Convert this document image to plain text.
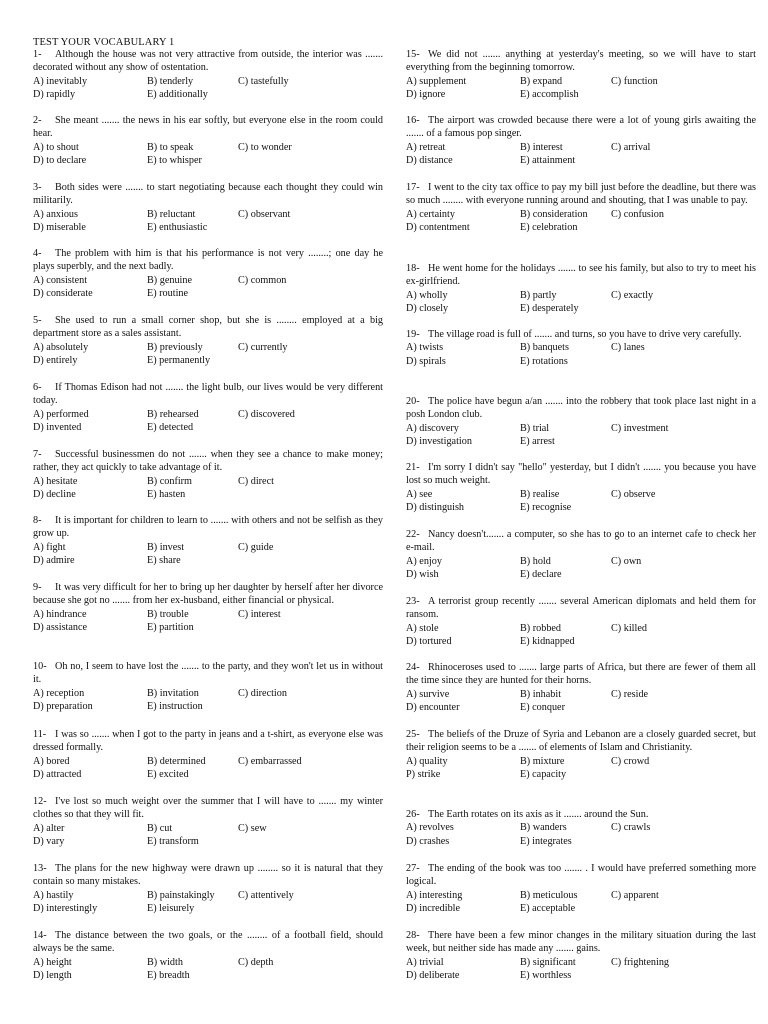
TEST YOUR VOCABULARY 1
1- Although the house was not very attractive from outside, the interior was ....... decorated without any show of ostentation.
A) inevitably	B) tenderly	C) tastefully
D) rapidly	E) additionally
2- She meant ....... the news in his ear softly, but everyone else in the room could hear.
A) to shout	B) to speak	C) to wonder
D) to declare	E) to whisper
3- Both sides were ....... to start negotiating because each thought they could win militarily.
A) anxious	B) reluctant	C) observant
D) miserable	E) enthusiastic
4- The problem with him is that his performance is not very ........; one day he plays superbly, and the next badly.
A) consistent	B) genuine	C) common
D) considerate	E) routine
5- She used to run a small corner shop, but she is ........ employed at a big department store as a sales assistant.
A) absolutely	B) previously	C) currently
D) entirely	E) permanently
6- If Thomas Edison had not ....... the light bulb, our lives would be very different today.
A) performed	B) rehearsed	C) discovered
D) invented	E) detected
7- Successful businessmen do not ....... when they see a chance to make money; rather, they act quickly to take advantage of it.
A) hesitate	B) confirm	C) direct
D) decline	E) hasten
8- It is important for children to learn to ....... with others and not be selfish as they grow up.
A) fight	B) invest	C) guide
D) admire	E) share
9- It was very difficult for her to bring up her daughter by herself after her divorce because she got no ....... from her ex-husband, either financial or physical.
A) hindrance	B) trouble	C) interest
D) assistance	E) partition
10- Oh no, I seem to have lost the ....... to the party, and they won't let us in without it.
A) reception	B) invitation	C) direction
D) preparation	E) instruction
11- I was so ....... when I got to the party in jeans and a t-shirt, as everyone else was dressed formally.
A) bored	B) determined	C) embarrassed
D) attracted	E) excited
12- I've lost so much weight over the summer that I will have to ....... my winter clothes so that they will fit.
A) alter	B) cut	C) sew
D) vary	E) transform
13- The plans for the new highway were drawn up ........ so it is natural that they contain so many mistakes.
A) hastily	B) painstakingly	C) attentively
D) interestingly	E) leisurely
14- The distance between the two goals, or the ........ of a football field, should always be the same.
A) height	B) width	C) depth
D) length	E) breadth
15- We did not ....... anything at yesterday's meeting, so we will have to start everything from the beginning tomorrow.
A) supplement	B) expand	C) function
D) ignore	E) accomplish
16- The airport was crowded because there were a lot of young girls awaiting the ....... of a famous pop singer.
A) retreat	B) interest	C) arrival
D) distance	E) attainment
17- I went to the city tax office to pay my bill just before the deadline, but there was so much ........ with everyone running around and shouting, that I was unable to pay.
A) certainty	B) consideration	C) confusion
D) contentment	E) celebration
18- He went home for the holidays ....... to see his family, but also to try to meet his ex-girlfriend.
A) wholly	B) partly	C) exactly
D) closely	E) desperately
19- The village road is full of ....... and turns, so you have to drive very carefully.
A) twists	B) banquets	C) lanes
D) spirals	E) rotations
20- The police have begun a/an ....... into the robbery that took place last night in a posh London club.
A) discovery	B) trial	C) investment
D) investigation	E) arrest
21- I'm sorry I didn't say "hello" yesterday, but I didn't ....... you because you have lost so much weight.
A) see	B) realise	C) observe
D) distinguish	E) recognise
22- Nancy doesn't....... a computer, so she has to go to an internet cafe to check her e-mail.
A) enjoy	B) hold	C) own
D) wish	E) declare
23- A terrorist group recently ....... several American diplomats and held them for ransom.
A) stole	B) robbed	C) killed
D) tortured	E) kidnapped
24- Rhinoceroses used to ....... large parts of Africa, but there are fewer of them all the time since they are hunted for their horns.
A) survive	B) inhabit	C) reside
D) encounter	E) conquer
25- The beliefs of the Druze of Syria and Lebanon are a closely guarded secret, but their religion seems to be a ....... of elements of Islam and Christianity.
A) quality	B) mixture	C) crowd
P) strike	E) capacity
26- The Earth rotates on its axis as it ....... around the Sun.
A) revolves	B) wanders	C) crawls
D) crashes	E) integrates
27- The ending of the book was too ....... . I would have preferred something more logical.
A) interesting	B) meticulous	C) apparent
D) incredible	E) acceptable
28- There have been a few minor changes in the military situation during the last week, but neither side has made any ....... gains.
A) trivial	B) significant	C) frightening
D) deliberate	E) worthless
